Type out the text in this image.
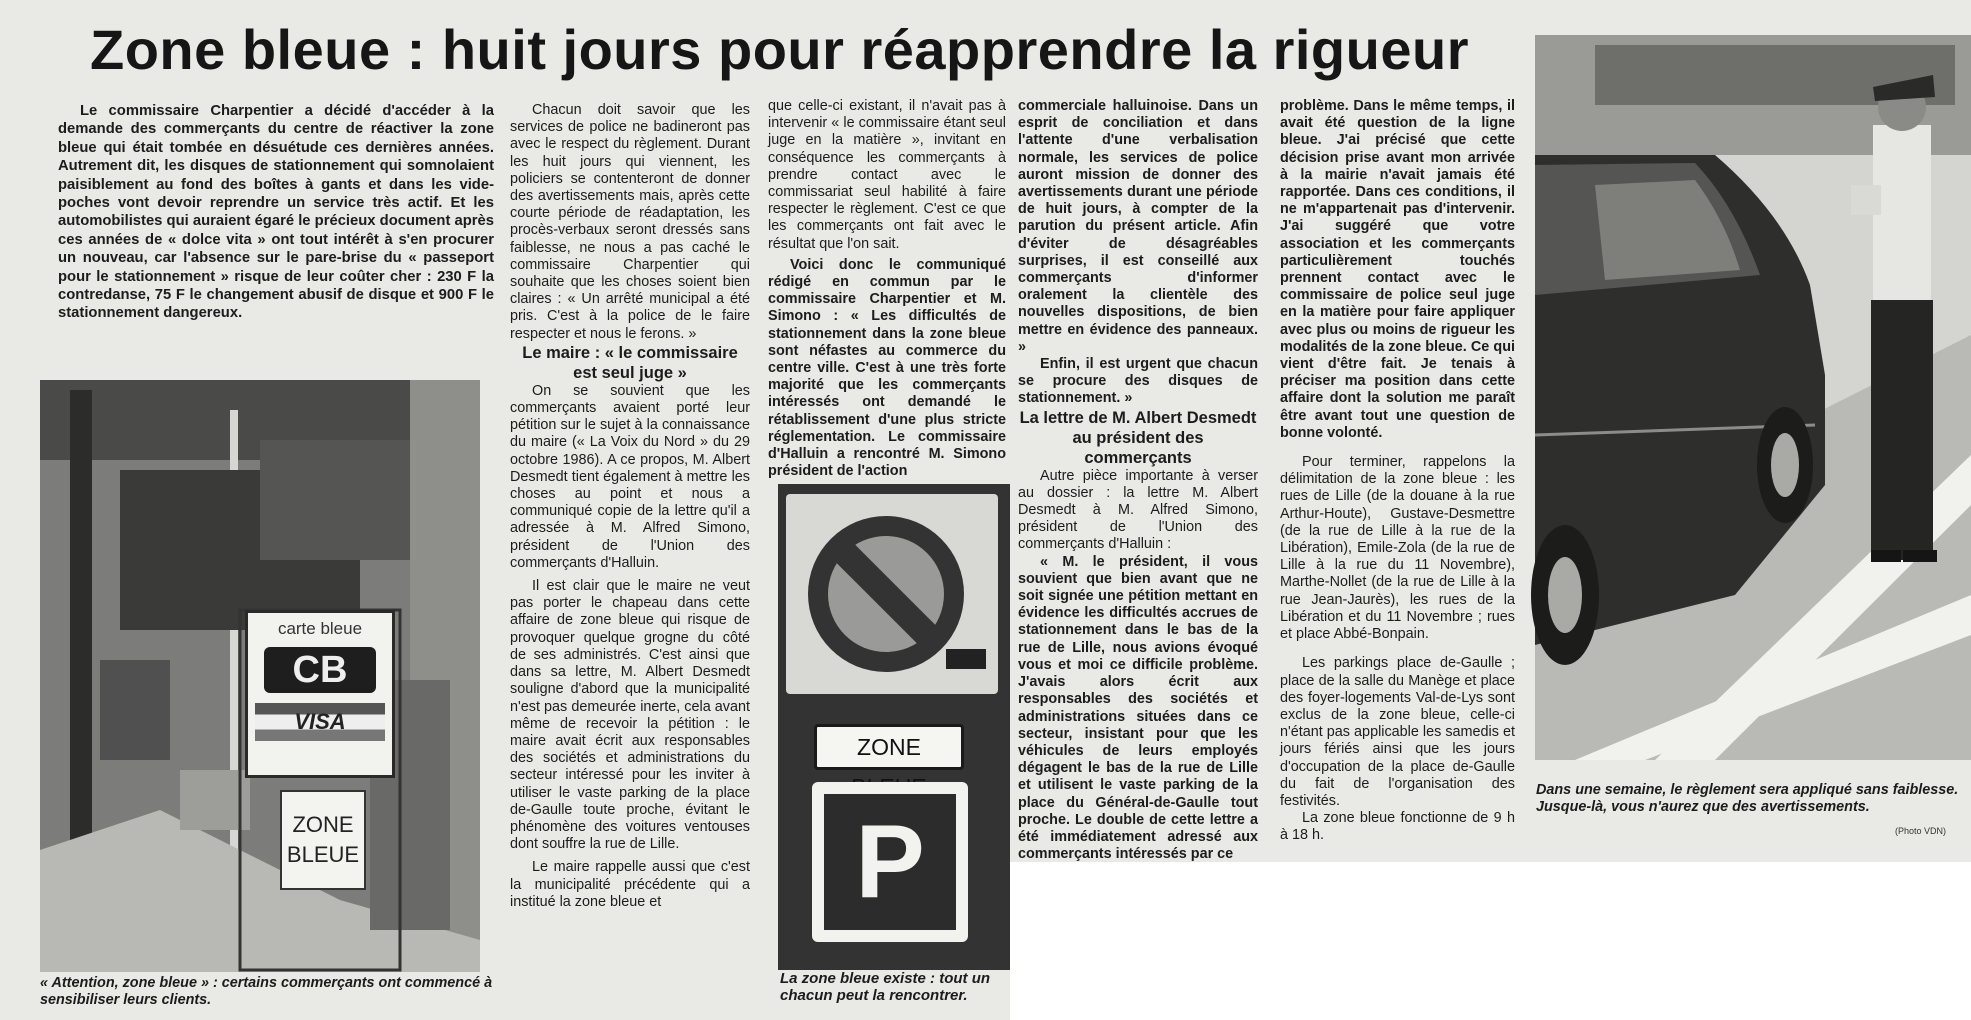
Zone bleue : huit jours pour réapprendre la rigueur

Le commissaire Charpentier a décidé d'accéder à la demande des commerçants du centre de réactiver la zone bleue qui était tombée en désuétude ces dernières années. Autrement dit, les disques de stationnement qui somnolaient paisiblement au fond des boîtes à gants et dans les vide-poches vont devoir reprendre un service très actif. Et les automobilistes qui auraient égaré le précieux document après ces années de « dolce vita » ont tout intérêt à s'en procurer un nouveau, car l'absence sur le pare-brise du « passeport pour le stationnement » risque de leur coûter cher : 230 F la contredanse, 75 F le changement abusif de disque et 900 F le stationnement dangereux.

carte bleue
CB
VISA
ZONE BLEUE
« Attention, zone bleue » : certains commerçants ont commencé à sensibiliser leurs clients.

Chacun doit savoir que les services de police ne badineront pas avec le respect du règlement. Durant les huit jours qui viennent, les policiers se contenteront de donner des avertissements mais, après cette courte période de réadaptation, les procès-verbaux seront dressés sans faiblesse, ne nous a pas caché le commissaire Charpentier qui souhaite que les choses soient bien claires : « Un arrêté municipal a été pris. C'est à la police de le faire respecter et nous le ferons. »

Le maire : « le commissaire est seul juge »

On se souvient que les commerçants avaient porté leur pétition sur le sujet à la connaissance du maire (« La Voix du Nord » du 29 octobre 1986). A ce propos, M. Albert Desmedt tient également à mettre les choses au point et nous a communiqué copie de la lettre qu'il a adressée à M. Alfred Simono, président de l'Union des commerçants d'Halluin.

Il est clair que le maire ne veut pas porter le chapeau dans cette affaire de zone bleue qui risque de provoquer quelque grogne du côté de ses administrés. C'est ainsi que dans sa lettre, M. Albert Desmedt souligne d'abord que la municipalité n'est pas demeurée inerte, cela avant même de recevoir la pétition : le maire avait écrit aux responsables des sociétés et administrations du secteur intéressé pour les inviter à utiliser le vaste parking de la place de-Gaulle toute proche, évitant le phénomène des voitures ventouses dont souffre la rue de Lille.

Le maire rappelle aussi que c'est la municipalité précédente qui a institué la zone bleue et

que celle-ci existant, il n'avait pas à intervenir « le commissaire étant seul juge en la matière », invitant en conséquence les commerçants à prendre contact avec le commissariat seul habilité à faire respecter le règlement. C'est ce que les commerçants ont fait avec le résultat que l'on sait.

Voici donc le communiqué rédigé en commun par le commissaire Charpentier et M. Simono : « Les difficultés de stationnement dans la zone bleue sont néfastes au commerce du centre ville. C'est à une très forte majorité que les commerçants intéressés ont demandé le rétablissement d'une plus stricte réglementation. Le commissaire d'Halluin a rencontré M. Simono président de l'action

ZONE
P
La zone bleue existe : tout un chacun peut la rencontrer.

commerciale halluinoise. Dans un esprit de conciliation et dans l'attente d'une verbalisation normale, les services de police auront mission de donner des avertissements durant une période de huit jours, à compter de la parution du présent article. Afin d'éviter de désagréables surprises, il est conseillé aux commerçants d'informer oralement la clientèle des nouvelles dispositions, de bien mettre en évidence des panneaux. »

Enfin, il est urgent que chacun se procure des disques de stationnement. »

La lettre de M. Albert Desmedt au président des commerçants

Autre pièce importante à verser au dossier : la lettre M. Albert Desmedt à M. Alfred Simono, président de l'Union des commerçants d'Halluin :

« M. le président, il vous souvient que bien avant que ne soit signée une pétition mettant en évidence les difficultés accrues de stationnement dans le bas de la rue de Lille, nous avions évoqué vous et moi ce difficile problème. J'avais alors écrit aux responsables des sociétés et administrations situées dans ce secteur, insistant pour que les véhicules de leurs employés dégagent le bas de la rue de Lille et utilisent le vaste parking de la place du Général-de-Gaulle tout proche. Le double de cette lettre a été immédiatement adressé aux commerçants intéressés par ce

problème. Dans le même temps, il avait été question de la ligne bleue. J'ai précisé que cette décision prise avant mon arrivée à la mairie n'avait jamais été rapportée. Dans ces conditions, il ne m'appartenait pas d'intervenir. J'ai suggéré que votre association et les commerçants particulièrement touchés prennent contact avec le commissaire de police seul juge en la matière pour faire appliquer avec plus ou moins de rigueur les modalités de la zone bleue. Ce qui vient d'être fait. Je tenais à préciser ma position dans cette affaire dont la solution me paraît être avant tout une question de bonne volonté.

Pour terminer, rappelons la délimitation de la zone bleue : les rues de Lille (de la douane à la rue Arthur-Houte), Gustave-Desmettre (de la rue de Lille à la rue de la Libération), Emile-Zola (de la rue de Lille à la rue du 11 Novembre), Marthe-Nollet (de la rue de Lille à la rue Jean-Jaurès), les rues de la Libération et du 11 Novembre ; rues et place Abbé-Bonpain.

Les parkings place de-Gaulle ; place de la salle du Manège et place des foyer-logements Val-de-Lys sont exclus de la zone bleue, celle-ci n'étant pas applicable les samedis et jours fériés ainsi que les jours d'occupation de la place de-Gaulle du fait de l'organisation des festivités.

La zone bleue fonctionne de 9 h à 18 h.

Dans une semaine, le règlement sera appliqué sans faiblesse. Jusque-là, vous n'aurez que des avertissements.
(Photo VDN)
